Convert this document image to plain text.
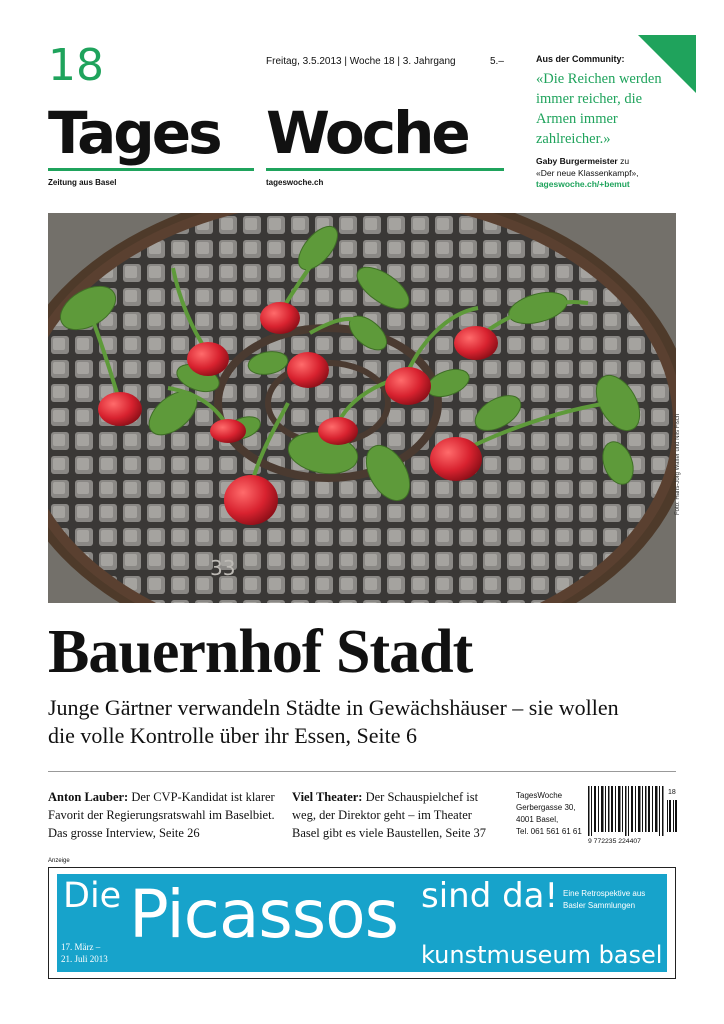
18	Freitag, 3.5.2013 | Woche 18 | 3. Jahrgang	5.–
Tages Woche
Zeitung aus Basel	tageswoche.ch
Aus der Community:
«Die Reichen werden immer reicher, die Armen immer zahlreicher.»
Gaby Burgermeister zu
«Der neue Klassenkampf»,
tageswoche.ch/+bemut
33
Foto: Hans-Jörg Walter und Nils Fisch
Bauernhof Stadt
Junge Gärtner verwandeln Städte in Gewächshäuser – sie wollen die volle Kontrolle über ihr Essen, Seite 6
Anton Lauber: Der CVP-Kandidat ist klarer Favorit der Regierungsratswahl im Baselbiet. Das grosse Interview, Seite 26
Viel Theater: Der Schauspielchef ist weg, der Direktor geht – im Theater Basel gibt es viele Baustellen, Seite 37
TagesWoche
Gerbergasse 30,
4001 Basel,
Tel. 061 561 61 61
18
9 772235 224407
Anzeige
Die Picassos sind da! Eine Retrospektive aus Basler Sammlungen
17. März –
21. Juli 2013	kunstmuseum basel
